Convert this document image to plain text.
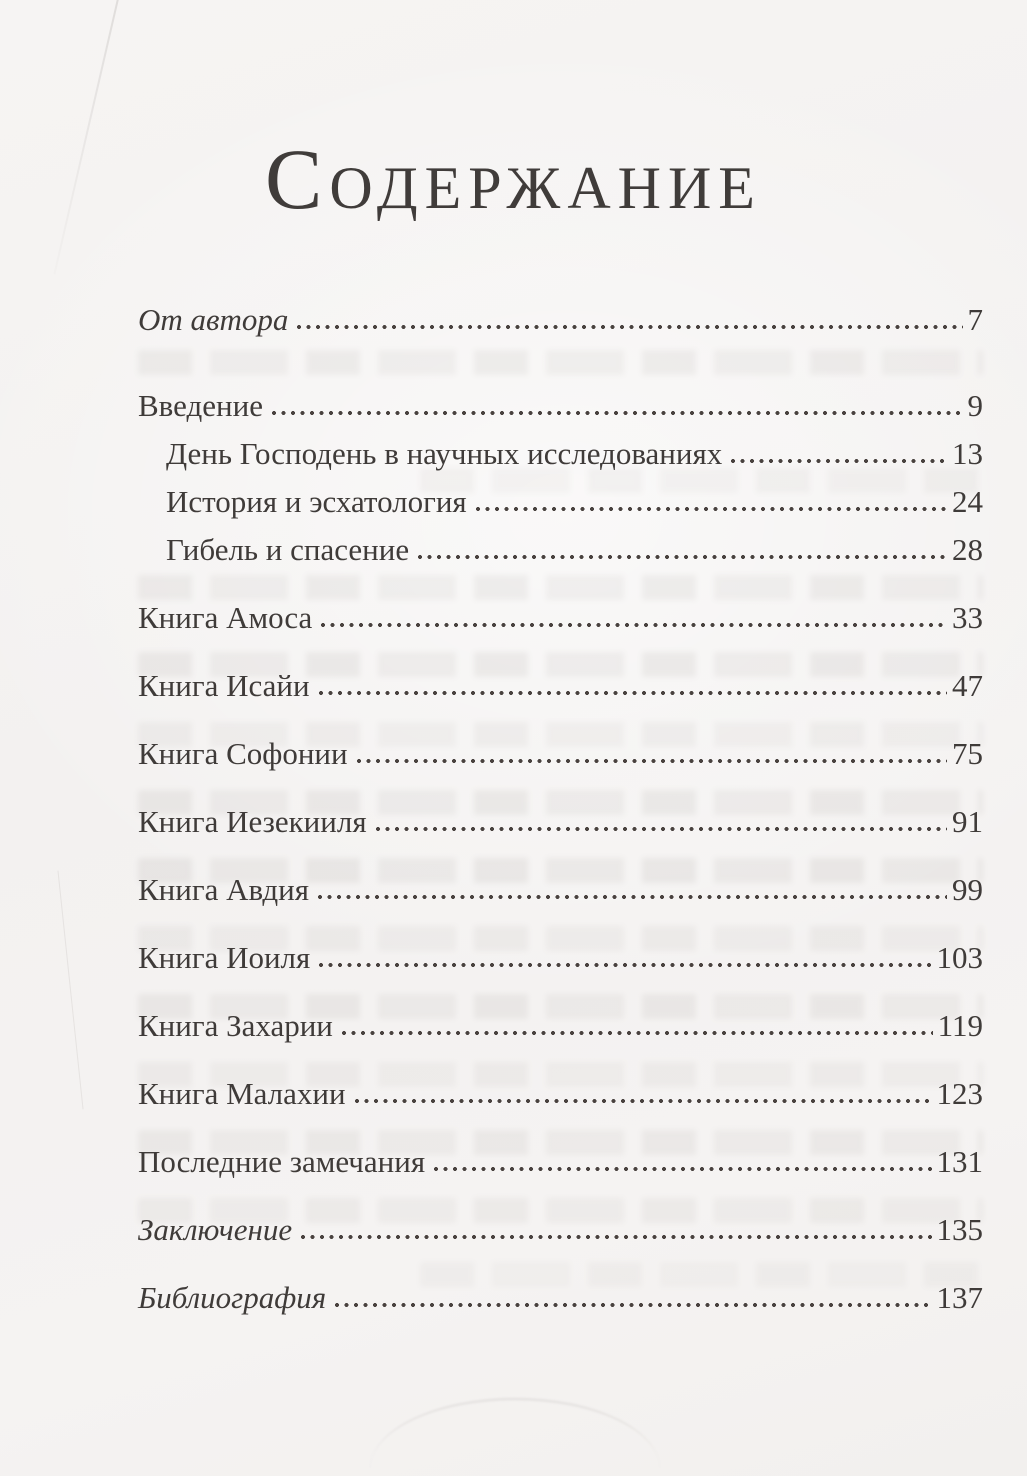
Содержание
От автора	7
Введение	9
День Господень в научных исследованиях	13
История и эсхатология	24
Гибель и спасение	28
Книга Амоса	33
Книга Исайи	47
Книга Софонии	75
Книга Иезекииля	91
Книга Авдия	99
Книга Иоиля	103
Книга Захарии	119
Книга Малахии	123
Последние замечания	131
Заключение	135
Библиография	137
